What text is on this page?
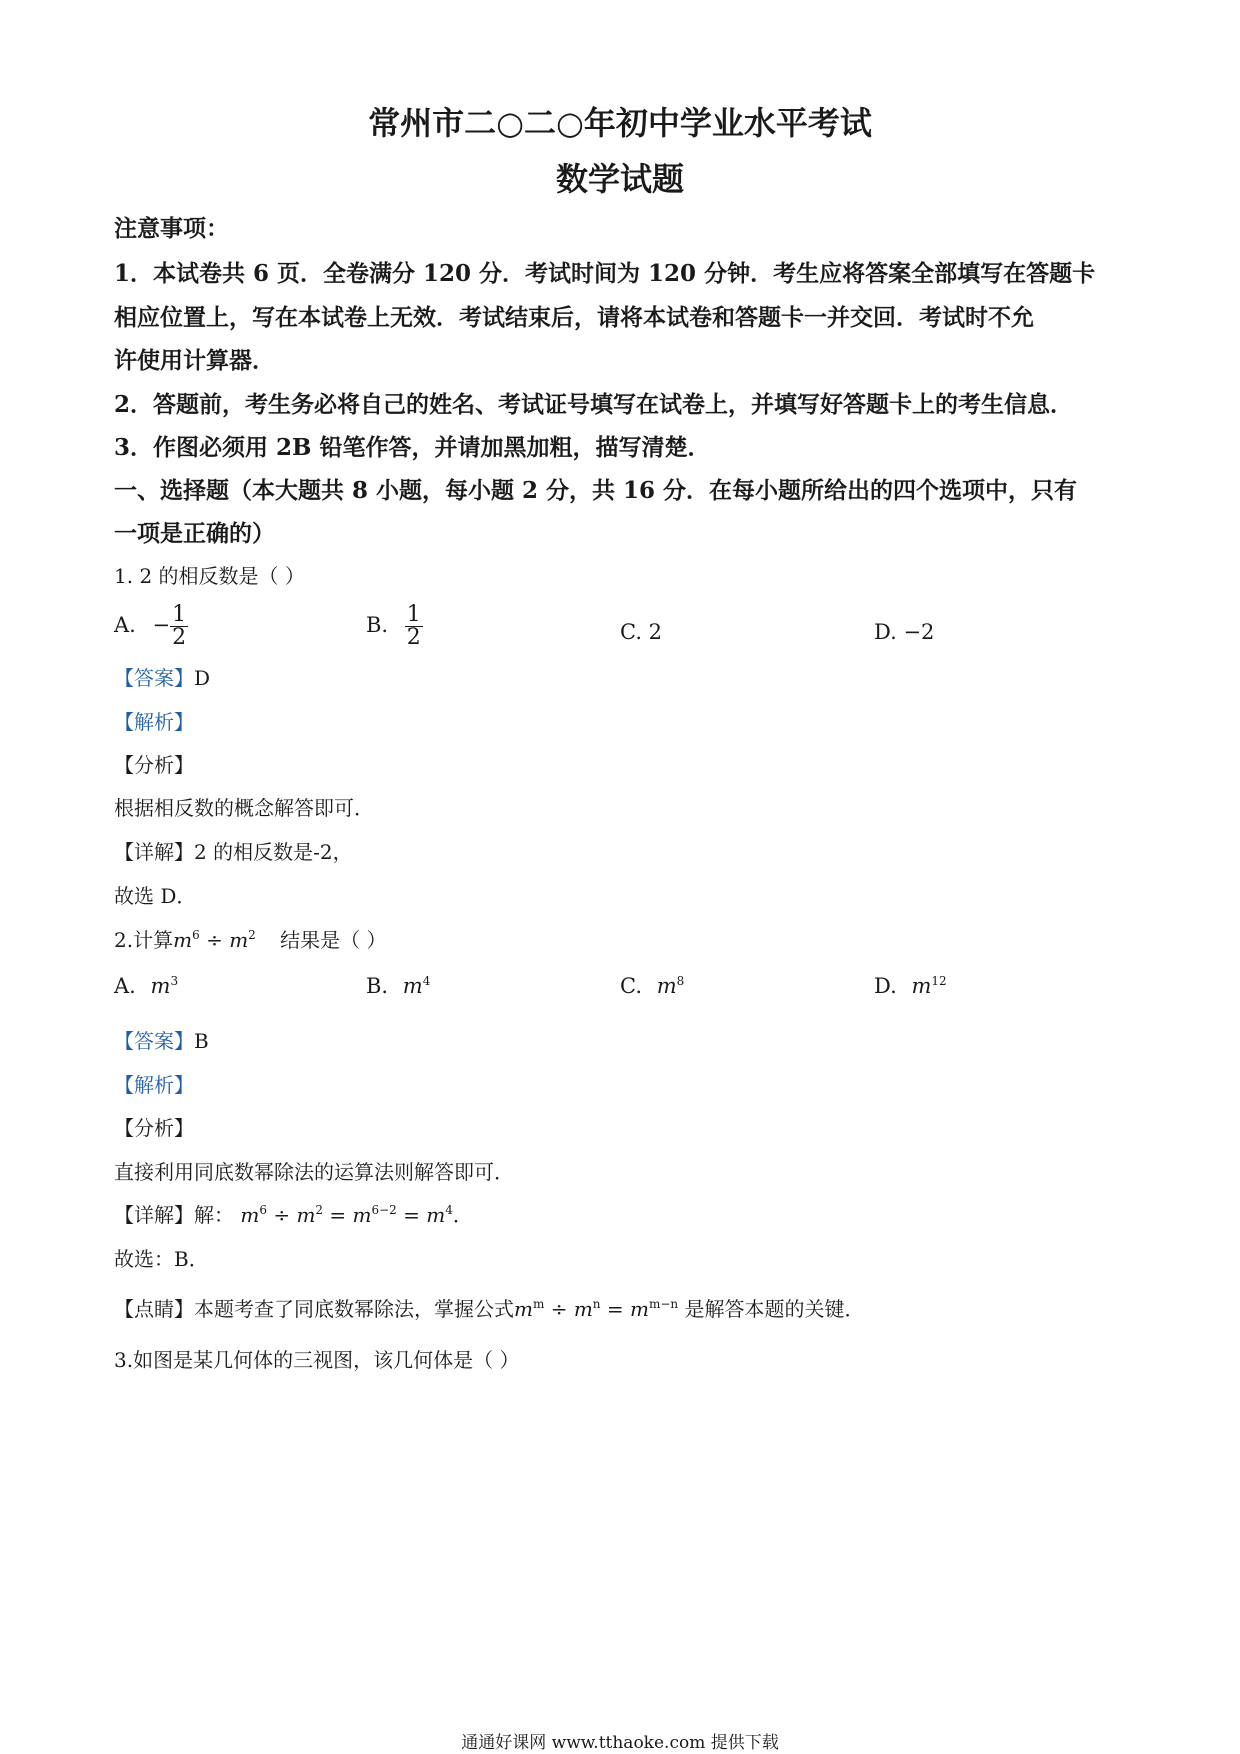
常州市二○二○年初中学业水平考试
数学试题
注意事项：
1．本试卷共 6 页．全卷满分 120 分．考试时间为 120 分钟．考生应将答案全部填写在答题卡
相应位置上，写在本试卷上无效．考试结束后，请将本试卷和答题卡一并交回．考试时不允
许使用计算器．
2．答题前，考生务必将自己的姓名、考试证号填写在试卷上，并填写好答题卡上的考生信息．
3．作图必须用 2B 铅笔作答，并请加黑加粗，描写清楚．
一、选择题（本大题共 8 小题，每小题 2 分，共 16 分．在每小题所给出的四个选项中，只有
一项是正确的）
1. 2 的相反数是（ ）
A. − $\frac{1}{2}$	B. $\frac{1}{2}$	C. 2	D. −2
【答案】D
【解析】
【分析】
根据相反数的概念解答即可．
【详解】2 的相反数是-2，
故选 D．
2.计算$m^6 \div m^2$ 结果是（ ）
A. $m^3$	B. $m^4$	C. $m^8$	D. $m^{12}$
【答案】B
【解析】
【分析】
直接利用同底数幂除法的运算法则解答即可．
【详解】解： $m^6 \div m^2 = m^{6-2} = m^4$．
故选：B．
【点睛】本题考查了同底数幂除法，掌握公式$m^m \div m^n = m^{m-n}$ 是解答本题的关键．
3.如图是某几何体的三视图，该几何体是（ ）
通通好课网 www.tthaoke.com 提供下载
